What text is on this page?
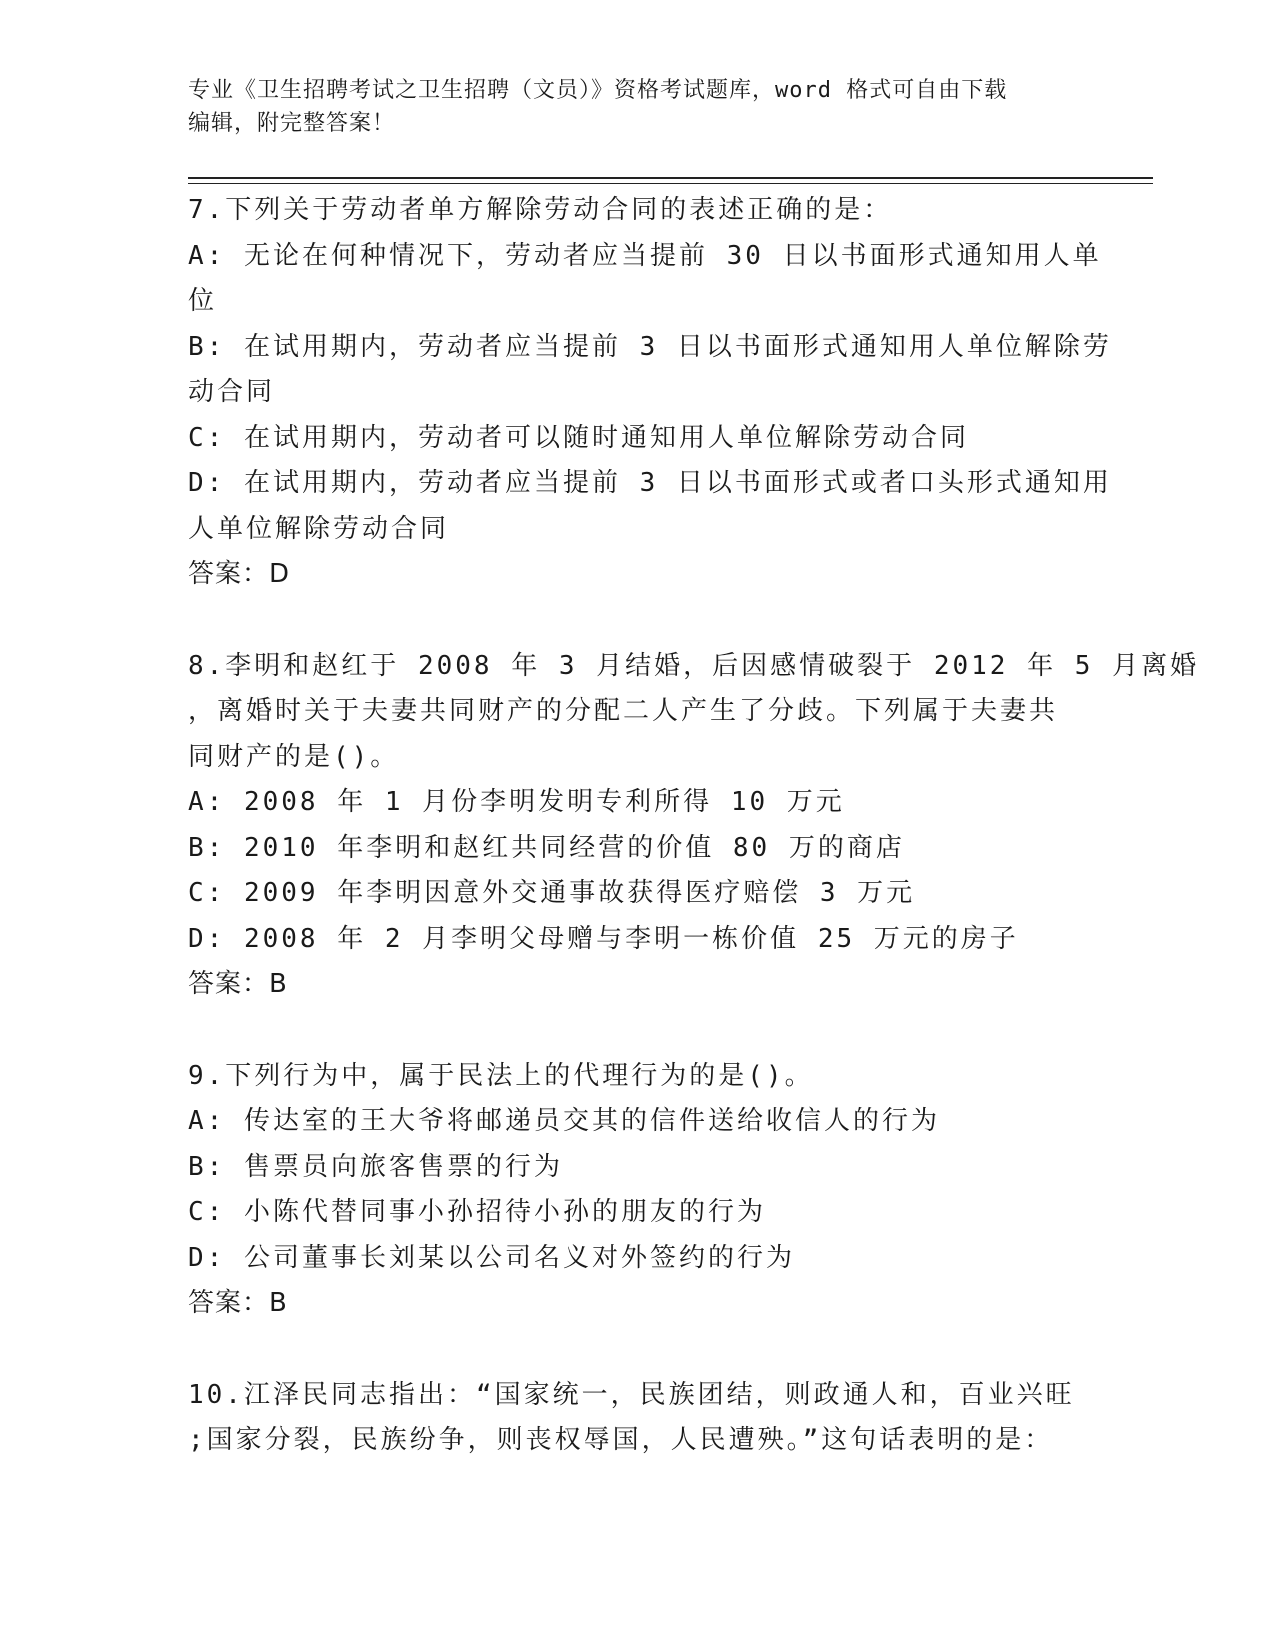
专业《卫生招聘考试之卫生招聘（文员）》资格考试题库，word 格式可自由下载
编辑，附完整答案！
7.下列关于劳动者单方解除劳动合同的表述正确的是：
A: 无论在何种情况下，劳动者应当提前 30 日以书面形式通知用人单
位
B: 在试用期内，劳动者应当提前 3 日以书面形式通知用人单位解除劳
动合同
C: 在试用期内，劳动者可以随时通知用人单位解除劳动合同
D: 在试用期内，劳动者应当提前 3 日以书面形式或者口头形式通知用
人单位解除劳动合同
答案：D
8.李明和赵红于 2008 年 3 月结婚，后因感情破裂于 2012 年 5 月离婚
，离婚时关于夫妻共同财产的分配二人产生了分歧。下列属于夫妻共
同财产的是()。
A: 2008 年 1 月份李明发明专利所得 10 万元
B: 2010 年李明和赵红共同经营的价值 80 万的商店
C: 2009 年李明因意外交通事故获得医疗赔偿 3 万元
D: 2008 年 2 月李明父母赠与李明一栋价值 25 万元的房子
答案：B
9.下列行为中，属于民法上的代理行为的是()。
A: 传达室的王大爷将邮递员交其的信件送给收信人的行为
B: 售票员向旅客售票的行为
C: 小陈代替同事小孙招待小孙的朋友的行为
D: 公司董事长刘某以公司名义对外签约的行为
答案：B
10.江泽民同志指出：“国家统一，民族团结，则政通人和，百业兴旺
;国家分裂，民族纷争，则丧权辱国，人民遭殃。”这句话表明的是：
